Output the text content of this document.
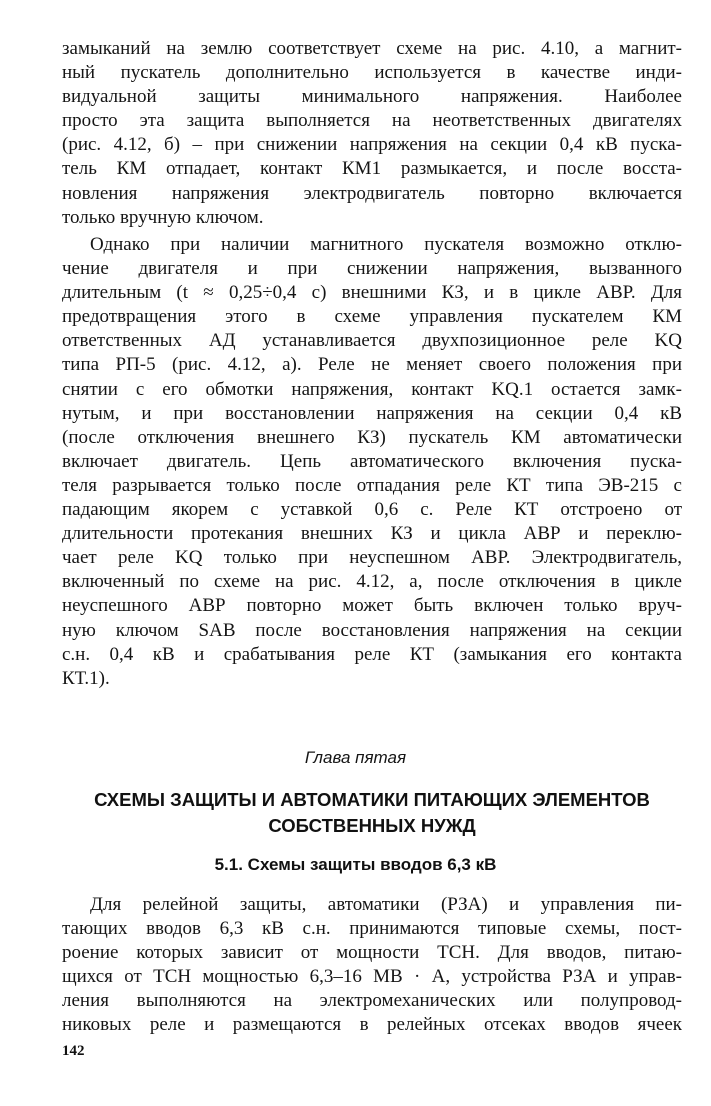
замыканий на землю соответствует схеме на рис. 4.10, а магнит-
ный пускатель дополнительно используется в качестве инди-
видуальной защиты минимального напряжения. Наиболее
просто эта защита выполняется на неответственных двигателях
(рис. 4.12, б) – при снижении напряжения на секции 0,4 кВ пуска-
тель КМ отпадает, контакт КМ1 размыкается, и после восста-
новления напряжения электродвигатель повторно включается
только вручную ключом.
Однако при наличии магнитного пускателя возможно отклю-
чение двигателя и при снижении напряжения, вызванного
длительным (t ≈ 0,25÷0,4 с) внешними КЗ, и в цикле АВР. Для
предотвращения этого в схеме управления пускателем КМ
ответственных АД устанавливается двухпозиционное реле KQ
типа РП-5 (рис. 4.12, а). Реле не меняет своего положения при
снятии с его обмотки напряжения, контакт KQ.1 остается замк-
нутым, и при восстановлении напряжения на секции 0,4 кВ
(после отключения внешнего КЗ) пускатель КМ автоматически
включает двигатель. Цепь автоматического включения пуска-
теля разрывается только после отпадания реле КТ типа ЭВ-215 с
падающим якорем с уставкой 0,6 с. Реле КТ отстроено от
длительности протекания внешних КЗ и цикла АВР и переклю-
чает реле KQ только при неуспешном АВР. Электродвигатель,
включенный по схеме на рис. 4.12, а, после отключения в цикле
неуспешного АВР повторно может быть включен только вруч-
ную ключом SAB после восстановления напряжения на секции
с.н. 0,4 кВ и срабатывания реле КТ (замыкания его контакта
КТ.1).
Глава пятая
СХЕМЫ ЗАЩИТЫ И АВТОМАТИКИ ПИТАЮЩИХ ЭЛЕМЕНТОВ
СОБСТВЕННЫХ НУЖД
5.1. Схемы защиты вводов 6,3 кВ
Для релейной защиты, автоматики (РЗА) и управления пи-
тающих вводов 6,3 кВ с.н. принимаются типовые схемы, пост-
роение которых зависит от мощности ТСН. Для вводов, питаю-
щихся от ТСН мощностью 6,3–16 МВ · А, устройства РЗА и управ-
ления выполняются на электромеханических или полупровод-
никовых реле и размещаются в релейных отсеках вводов ячеек
142
